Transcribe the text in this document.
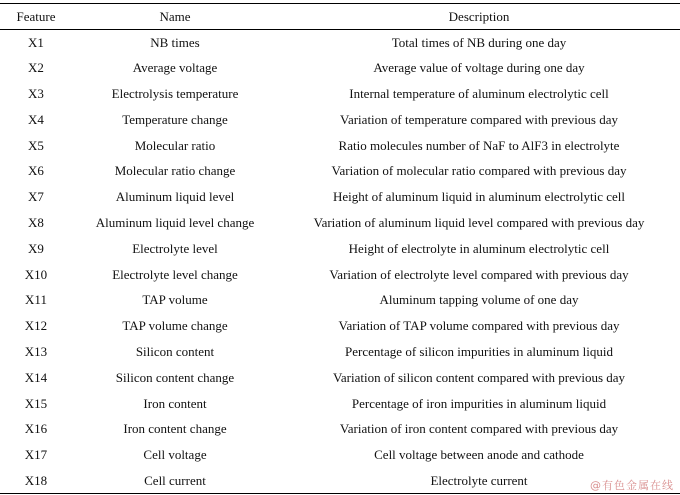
Feature	Name	Description
X1	NB times	Total times of NB during one day
X2	Average voltage	Average value of voltage during one day
X3	Electrolysis temperature	Internal temperature of aluminum electrolytic cell
X4	Temperature change	Variation of temperature compared with previous day
X5	Molecular ratio	Ratio molecules number of NaF to AlF3 in electrolyte
X6	Molecular ratio change	Variation of molecular ratio compared with previous day
X7	Aluminum liquid level	Height of aluminum liquid in aluminum electrolytic cell
X8	Aluminum liquid level change	Variation of aluminum liquid level compared with previous day
X9	Electrolyte level	Height of electrolyte in aluminum electrolytic cell
X10	Electrolyte level change	Variation of electrolyte level compared with previous day
X11	TAP volume	Aluminum tapping volume of one day
X12	TAP volume change	Variation of TAP volume compared with previous day
X13	Silicon content	Percentage of silicon impurities in aluminum liquid
X14	Silicon content change	Variation of silicon content compared with previous day
X15	Iron content	Percentage of iron impurities in aluminum liquid
X16	Iron content change	Variation of iron content compared with previous day
X17	Cell voltage	Cell voltage between anode and cathode
X18	Cell current	Electrolyte current	@有色金属在线
